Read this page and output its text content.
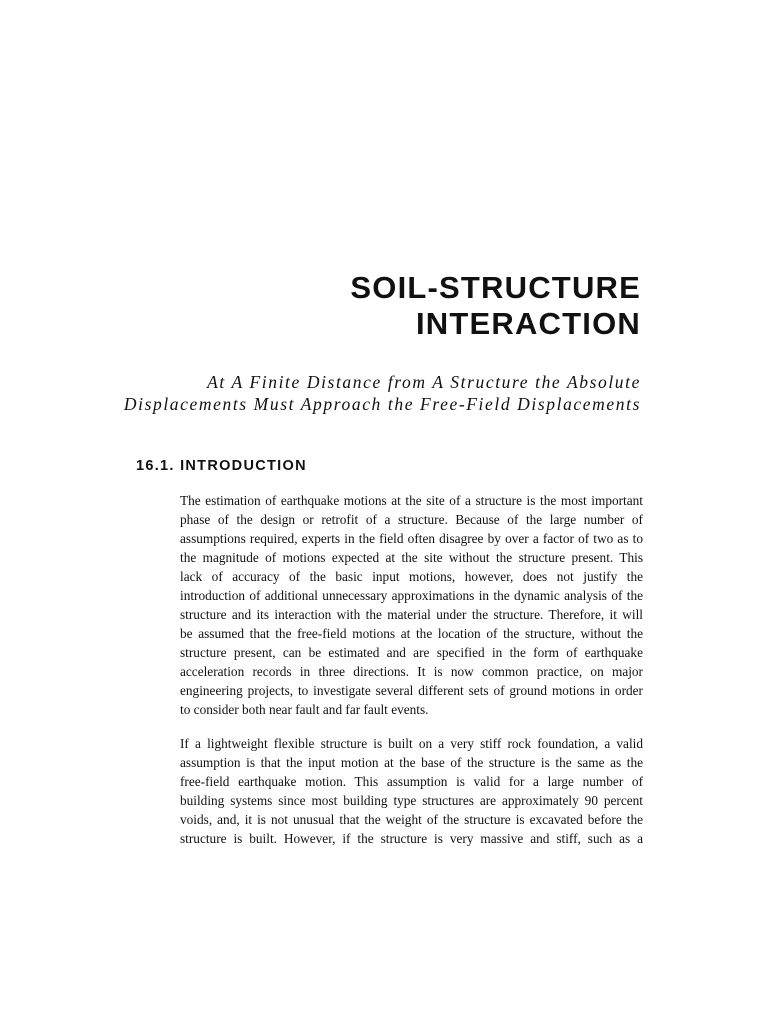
SOIL-STRUCTURE
INTERACTION

At A Finite Distance from A Structure the Absolute
Displacements Must Approach the Free-Field Displacements

16.1. INTRODUCTION

The estimation of earthquake motions at the site of a structure is the most important
phase of the design or retrofit of a structure. Because of the large number of
assumptions required, experts in the field often disagree by over a factor of two as to
the magnitude of motions expected at the site without the structure present. This
lack of accuracy of the basic input motions, however, does not justify the
introduction of additional unnecessary approximations in the dynamic analysis of the
structure and its interaction with the material under the structure. Therefore, it will
be assumed that the free-field motions at the location of the structure, without the
structure present, can be estimated and are specified in the form of earthquake
acceleration records in three directions. It is now common practice, on major
engineering projects, to investigate several different sets of ground motions in order
to consider both near fault and far fault events.

If a lightweight flexible structure is built on a very stiff rock foundation, a valid
assumption is that the input motion at the base of the structure is the same as the
free-field earthquake motion. This assumption is valid for a large number of
building systems since most building type structures are approximately 90 percent
voids, and, it is not unusual that the weight of the structure is excavated before the
structure is built. However, if the structure is very massive and stiff, such as a
